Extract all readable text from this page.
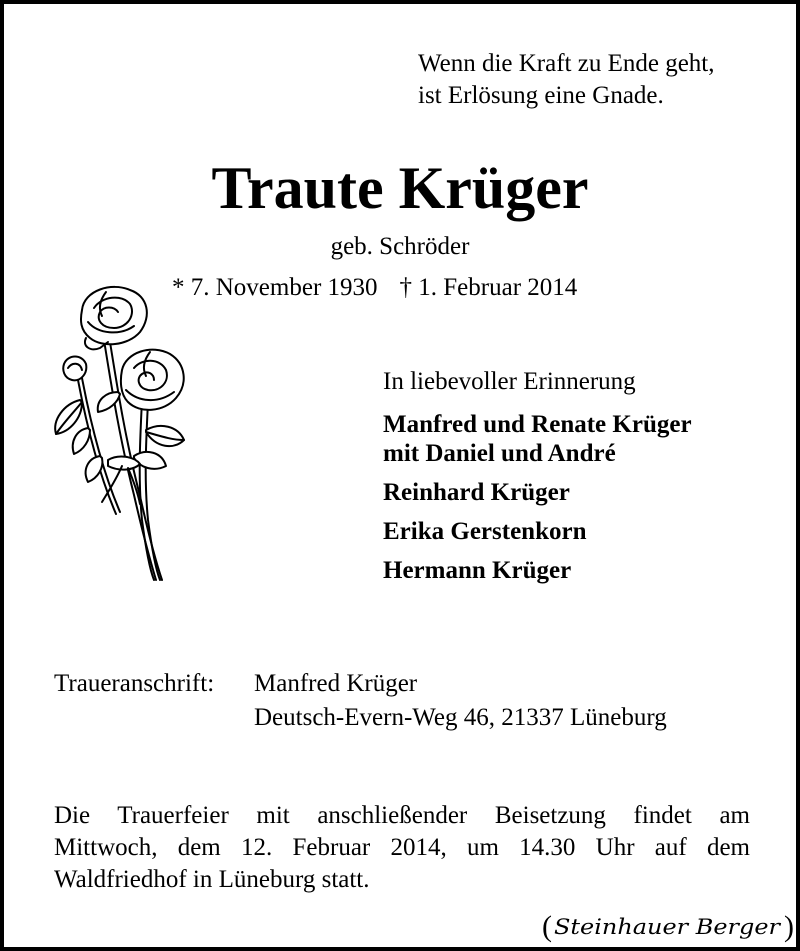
Wenn die Kraft zu Ende geht,
ist Erlösung eine Gnade.
Traute Krüger
geb. Schröder
* 7. November 1930 † 1. Februar 2014
In liebevoller Erinnerung
Manfred und Renate Krüger
mit Daniel und André
Reinhard Krüger
Erika Gerstenkorn
Hermann Krüger
Traueranschrift: Manfred Krüger
Deutsch-Evern-Weg 46, 21337 Lüneburg
Die Trauerfeier mit anschließender Beisetzung findet am
Mittwoch, dem 12. Februar 2014, um 14.30 Uhr auf dem
Waldfriedhof in Lüneburg statt.
( Steinhauer Berger )
